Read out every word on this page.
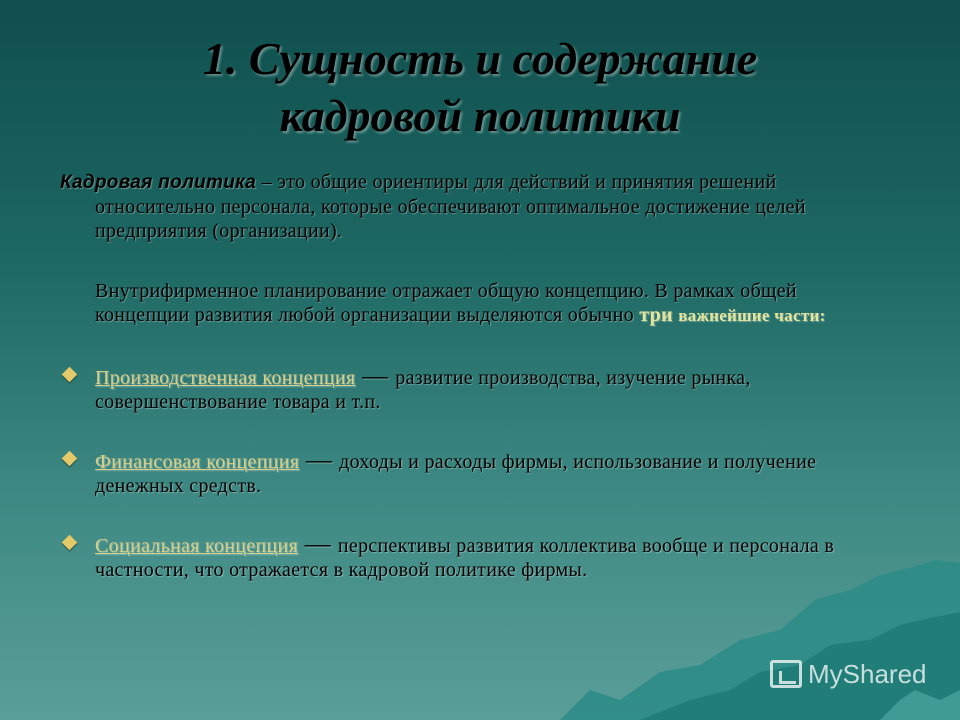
1. Сущность и содержание
кадровой политики

Кадровая политика – это общие ориентиры для действий и принятия решений относительно персонала, которые обеспечивают оптимальное достижение целей предприятия (организации).

Внутрифирменное планирование отражает общую концепцию. В рамках общей концепции развития любой организации выделяются обычно три важнейшие части:

Производственная концепция — развитие производства, изучение рынка, совершенствование товара и т.п.
Финансовая концепция — доходы и расходы фирмы, использование и получение денежных средств.
Социальная концепция — перспективы развития коллектива вообще и персонала в частности, что отражается в кадровой политике фирмы.
MyShared
